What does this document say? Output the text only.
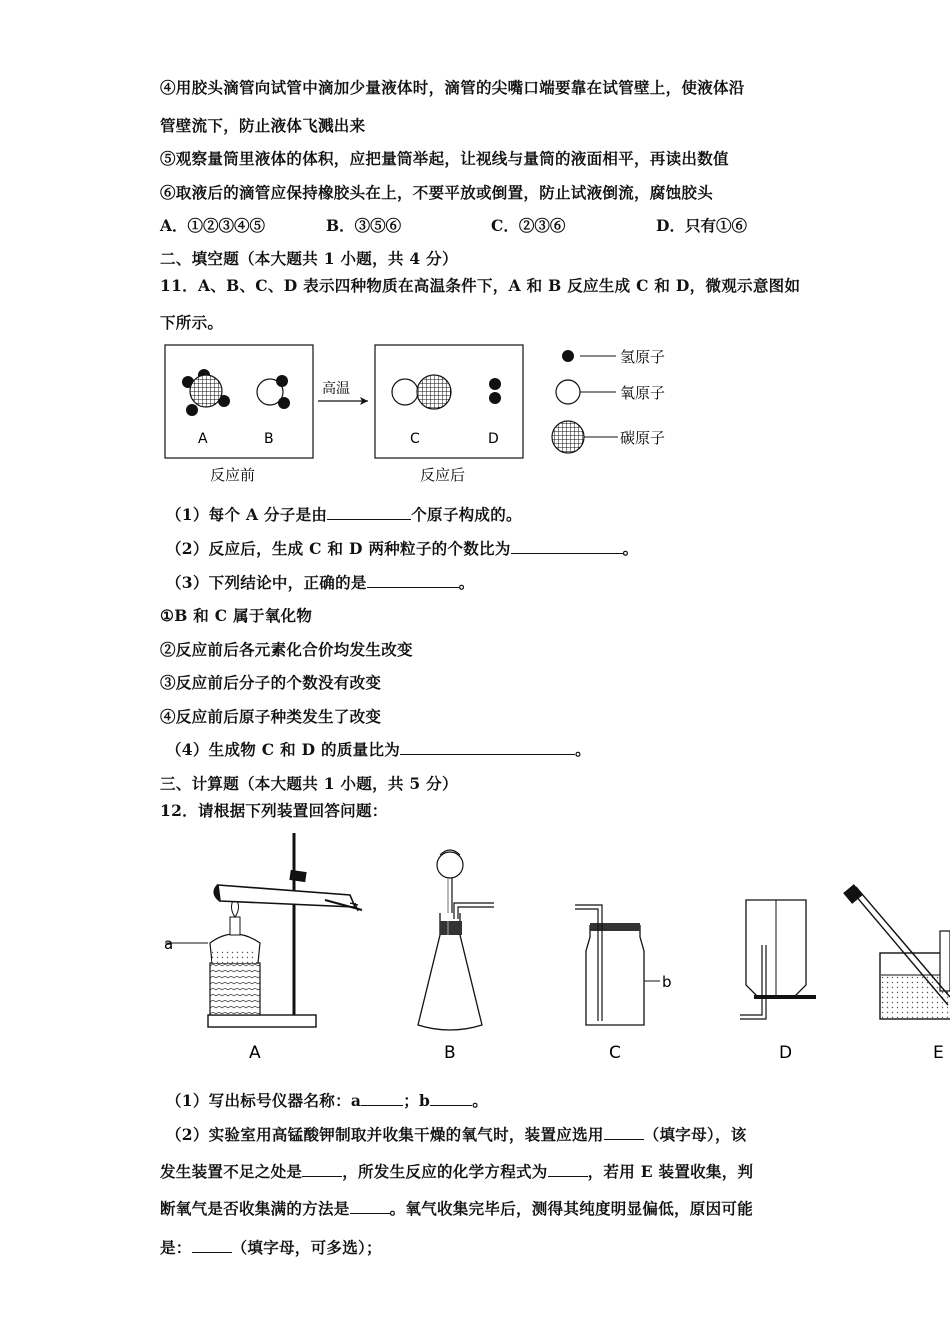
④用胶头滴管向试管中滴加少量液体时，滴管的尖嘴口端要靠在试管壁上，使液体沿
管壁流下，防止液体飞溅出来
⑤观察量筒里液体的体积，应把量筒举起，让视线与量筒的液面相平，再读出数值
⑥取液后的滴管应保持橡胶头在上，不要平放或倒置，防止试液倒流，腐蚀胶头
A．①②③④⑤	B．③⑤⑥	C．②③⑥	D．只有①⑥
二、填空题（本大题共 1 小题，共 4 分）
11．A、B、C、D 表示四种物质在高温条件下，A 和 B 反应生成 C 和 D，微观示意图如
下所示。
A	B
反应前
高温
C	D
反应后
氢原子
氧原子
碳原子
（1）每个 A 分子是由	个原子构成的。
（2）反应后，生成 C 和 D 两种粒子的个数比为	。
（3）下列结论中，正确的是	。
①B 和 C 属于氧化物
②反应前后各元素化合价均发生改变
③反应前后分子的个数没有改变
④反应前后原子种类发生了改变
（4）生成物 C 和 D 的质量比为	。
三、计算题（本大题共 1 小题，共 5 分）
12．请根据下列装置回答问题：
a
b
A	B	C	D	E
（1）写出标号仪器名称：a	；b	。
（2）实验室用高锰酸钾制取并收集干燥的氧气时，装置应选用	（填字母），该
发生装置不足之处是	，所发生反应的化学方程式为	，若用 E 装置收集，判
断氧气是否收集满的方法是	。氧气收集完毕后，测得其纯度明显偏低，原因可能
是：	（填字母，可多选）；
